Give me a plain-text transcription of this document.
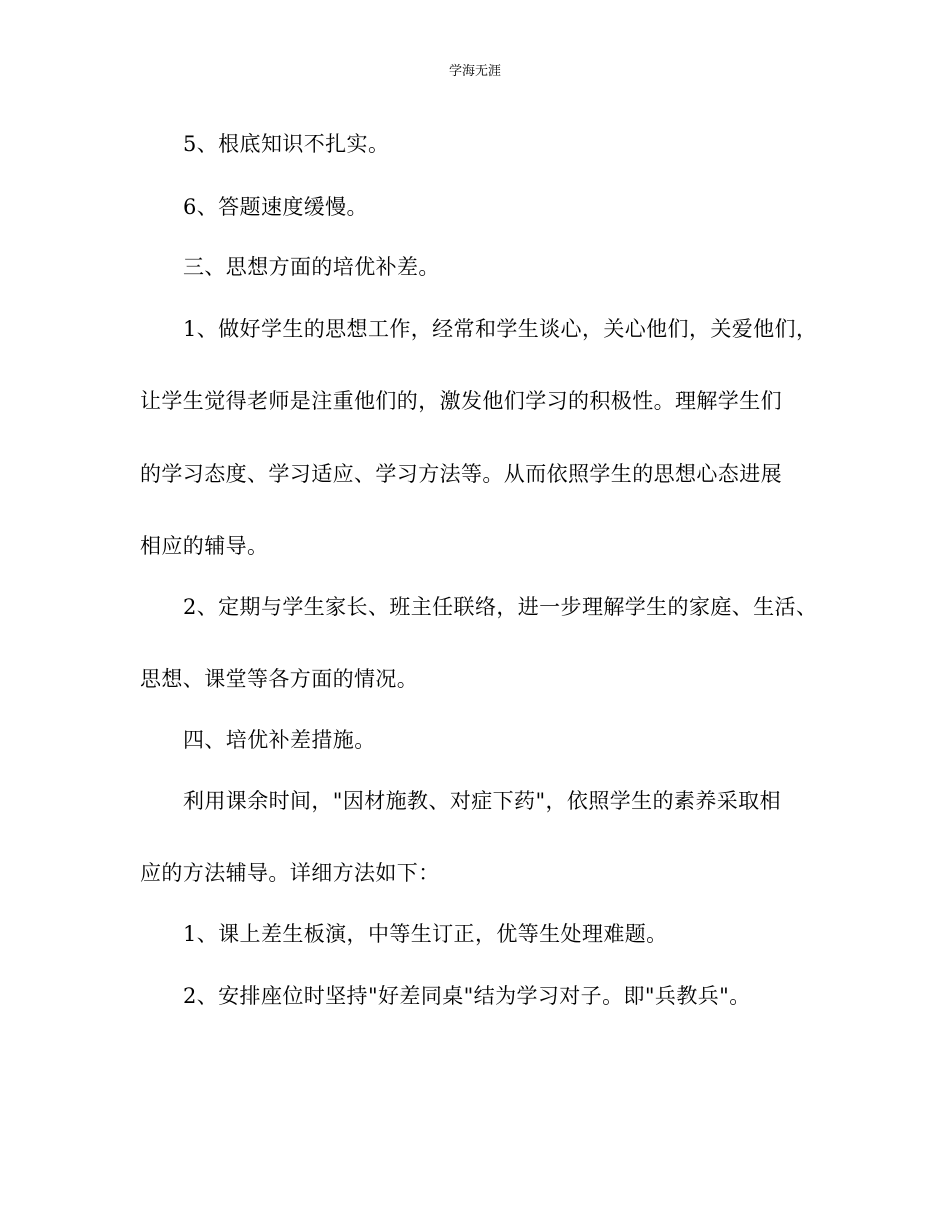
学海无涯
5、根底知识不扎实。
6、答题速度缓慢。
三、思想方面的培优补差。
1、做好学生的思想工作，经常和学生谈心，关心他们，关爱他们，
让学生觉得老师是注重他们的，激发他们学习的积极性。理解学生们
的学习态度、学习适应、学习方法等。从而依照学生的思想心态进展
相应的辅导。
2、定期与学生家长、班主任联络，进一步理解学生的家庭、生活、
思想、课堂等各方面的情况。
四、培优补差措施。
利用课余时间，"因材施教、对症下药"，依照学生的素养采取相
应的方法辅导。详细方法如下：
1、课上差生板演，中等生订正，优等生处理难题。
2、安排座位时坚持"好差同桌"结为学习对子。即"兵教兵"。
